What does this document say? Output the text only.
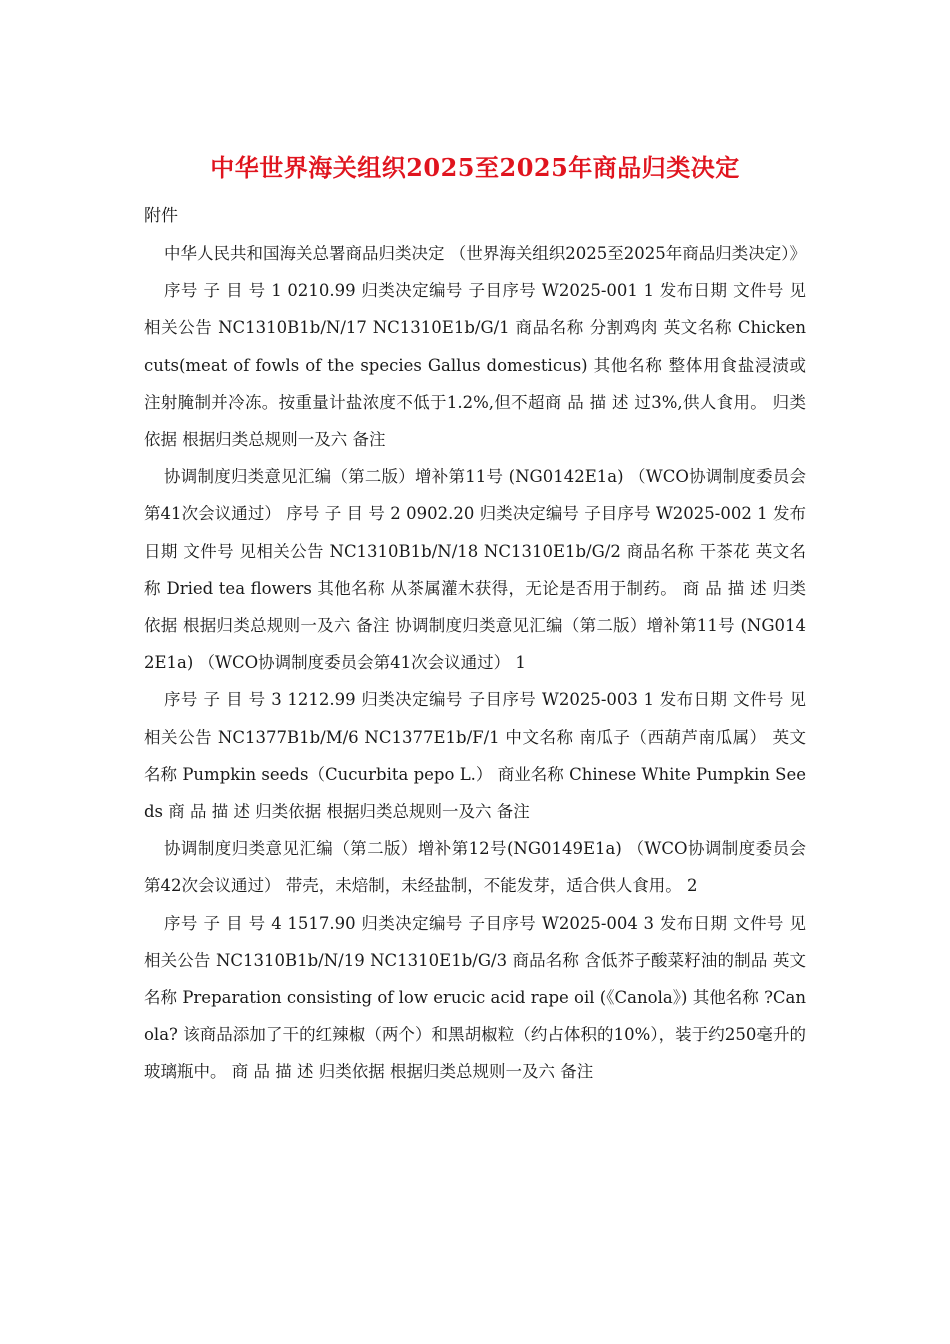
中华世界海关组织2025至2025年商品归类决定
附件

中华人民共和国海关总署商品归类决定 （世界海关组织2025至2025年商品归类决定）》

序号 子 目 号 1 0210.99 归类决定编号 子目序号 W2025-001 1 发布日期 文件号 见相关公告 NC1310B1b/N/17 NC1310E1b/G/1 商品名称 分割鸡肉 英文名称 Chicken cuts(meat of fowls of the species Gallus domesticus) 其他名称 整体用食盐浸渍或注射腌制并冷冻。按重量计盐浓度不低于1.2%,但不超商 品 描 述 过3%,供人食用。 归类依据 根据归类总规则一及六 备注

协调制度归类意见汇编（第二版）增补第11号 (NG0142E1a) （WCO协调制度委员会第41次会议通过） 序号 子 目 号 2 0902.20 归类决定编号 子目序号 W2025-002 1 发布日期 文件号 见相关公告 NC1310B1b/N/18 NC1310E1b/G/2 商品名称 干茶花 英文名称 Dried tea flowers 其他名称 从茶属灌木获得，无论是否用于制药。 商 品 描 述 归类依据 根据归类总规则一及六 备注 协调制度归类意见汇编（第二版）增补第11号 (NG0142E1a) （WCO协调制度委员会第41次会议通过） 1

序号 子 目 号 3 1212.99 归类决定编号 子目序号 W2025-003 1 发布日期 文件号 见相关公告 NC1377B1b/M/6 NC1377E1b/F/1 中文名称 南瓜子（西葫芦南瓜属） 英文名称 Pumpkin seeds（Cucurbita pepo L.） 商业名称 Chinese White Pumpkin Seeds 商 品 描 述 归类依据 根据归类总规则一及六 备注

协调制度归类意见汇编（第二版）增补第12号(NG0149E1a) （WCO协调制度委员会第42次会议通过） 带壳，未焙制，未经盐制，不能发芽，适合供人食用。 2

序号 子 目 号 4 1517.90 归类决定编号 子目序号 W2025-004 3 发布日期 文件号 见相关公告 NC1310B1b/N/19 NC1310E1b/G/3 商品名称 含低芥子酸菜籽油的制品 英文名称 Preparation consisting of low erucic acid rape oil (《Canola》) 其他名称 ?Canola? 该商品添加了干的红辣椒（两个）和黑胡椒粒（约占体积的10%），装于约250毫升的玻璃瓶中。 商 品 描 述 归类依据 根据归类总规则一及六 备注
